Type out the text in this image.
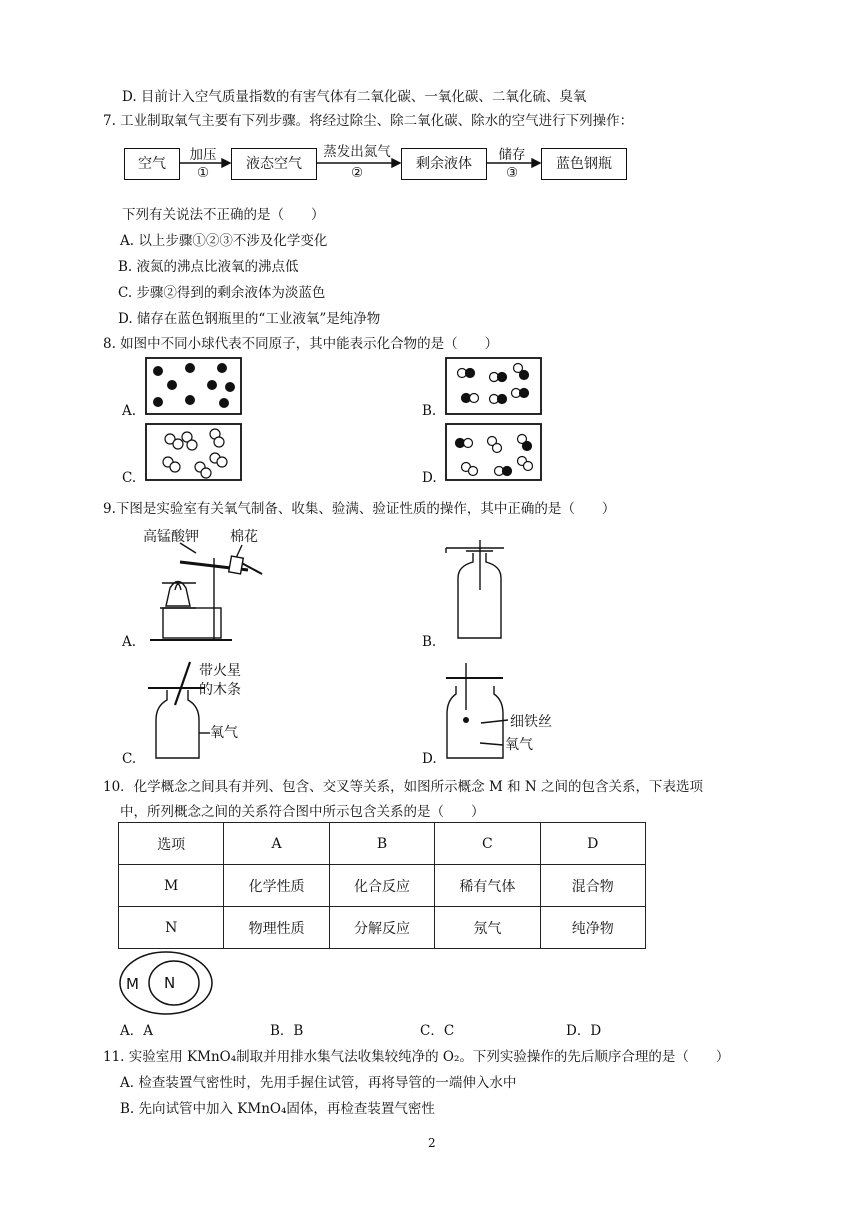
D. 目前计入空气质量指数的有害气体有二氧化碳、一氧化碳、二氧化硫、臭氧
7. 工业制取氧气主要有下列步骤。将经过除尘、除二氧化碳、除水的空气进行下列操作：
空气	液态空气	剩余液体	蓝色钢瓶
加压
①
蒸发出氮气
②
储存
③
下列有关说法不正确的是（　　）
A. 以上步骤①②③不涉及化学变化
B. 液氮的沸点比液氧的沸点低
C. 步骤②得到的剩余液体为淡蓝色
D. 储存在蓝色钢瓶里的“工业液氧”是纯净物
8. 如图中不同小球代表不同原子，其中能表示化合物的是（　　）
A.	B.
C.	D.
9.下图是实验室有关氧气制备、收集、验满、验证性质的操作，其中正确的是（　　）
A.	B.
C.	D.
高锰酸钾 棉花
带火星
的木条
氧气
细铁丝
氧气
10．化学概念之间具有并列、包含、交叉等关系，如图所示概念 M 和 N 之间的包含关系，下表选项
中，所列概念之间的关系符合图中所示包含关系的是（　　）
选项	A	B	C	D
M	化学性质	化合反应	稀有气体	混合物
N	物理性质	分解反应	氖气	纯净物
M N
A．A	B．B	C．C	D．D
11. 实验室用 KMnO₄制取并用排水集气法收集较纯净的 O₂。下列实验操作的先后顺序合理的是（　　）
A. 检查装置气密性时，先用手握住试管，再将导管的一端伸入水中
B. 先向试管中加入 KMnO₄固体，再检查装置气密性
2
